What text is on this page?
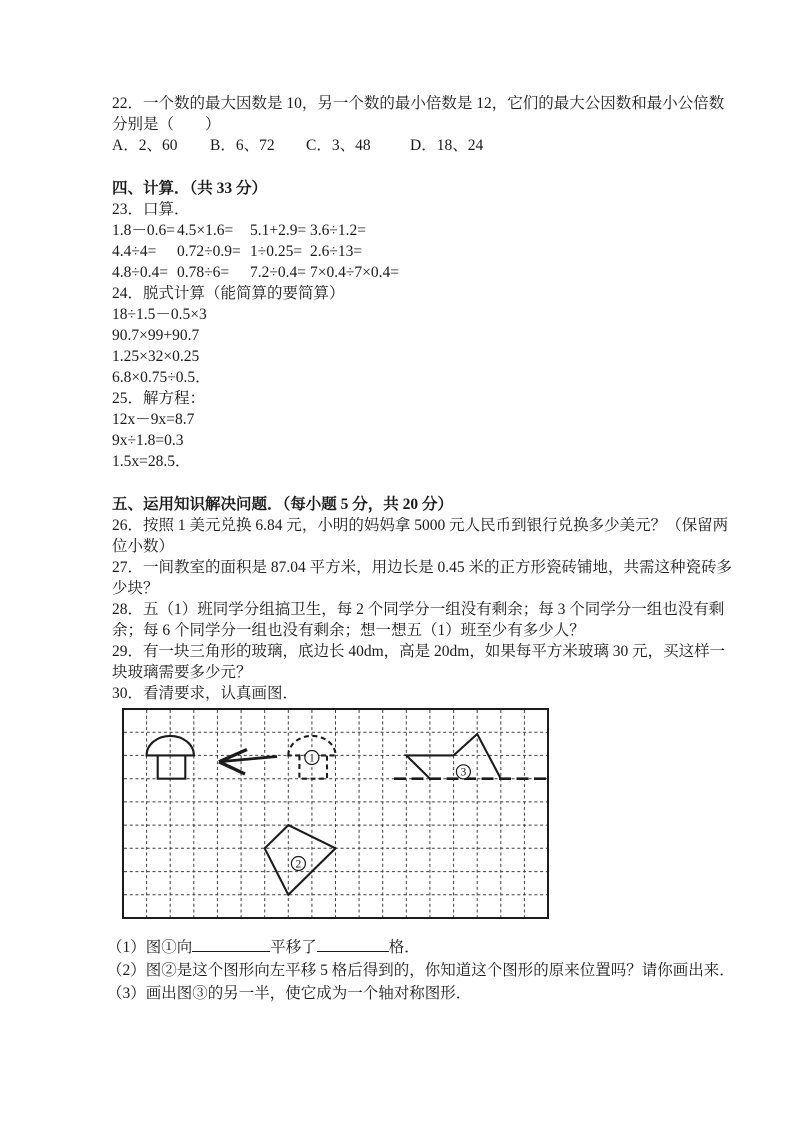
22．一个数的最大因数是 10，另一个数的最小倍数是 12，它们的最大公因数和最小公倍数
分别是（　　）
A．2、60 B．6、72 C．3、48	D．18、24
四、计算．（共 33 分）
23．口算．
1.8－0.6= 4.5×1.6= 5.1+2.9= 3.6÷1.2=
4.4÷4= 0.72÷0.9= 1÷0.25= 2.6÷13=
4.8÷0.4= 0.78÷6= 7.2÷0.4= 7×0.4÷7×0.4=
24．脱式计算（能简算的要简算）
18÷1.5－0.5×3
90.7×99+90.7
1.25×32×0.25
6.8×0.75÷0.5．
25．解方程：
12x－9x=8.7
9x÷1.8=0.3
1.5x=28.5．
五、运用知识解决问题．（每小题 5 分，共 20 分）
26．按照 1 美元兑换 6.84 元，小明的妈妈拿 5000 元人民币到银行兑换多少美元？（保留两
位小数）
27．一间教室的面积是 87.04 平方米，用边长是 0.45 米的正方形瓷砖铺地，共需这种瓷砖多
少块？
28．五（1）班同学分组搞卫生，每 2 个同学分一组没有剩余；每 3 个同学分一组也没有剩
余；每 6 个同学分一组也没有剩余；想一想五（1）班至少有多少人？
29．有一块三角形的玻璃，底边长 40dm，高是 20dm，如果每平方米玻璃 30 元，买这样一
块玻璃需要多少元？
30．看清要求，认真画图．
1
2
3
（1）图①向	平移了	格．
（2）图②是这个图形向左平移 5 格后得到的，你知道这个图形的原来位置吗？请你画出来．
（3）画出图③的另一半，使它成为一个轴对称图形．
